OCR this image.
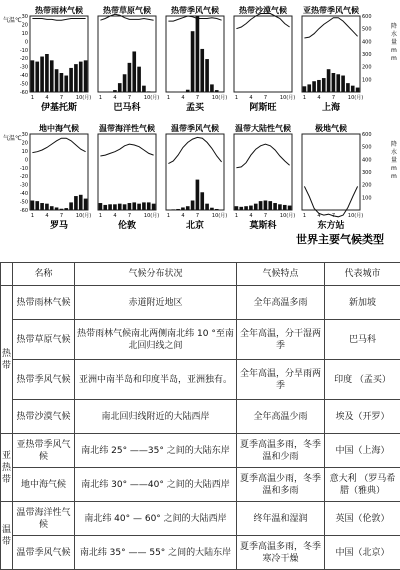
热带雨林气候
1 4 7	10(月)
伊基托斯
热带草原气候
1 4 7	10(月)
巴马科
热带季风气候
1 4 7	10(月)
孟买
热带沙漠气候
1 4 7	10(月)
阿斯旺
亚热带季风气候
1 4 7	10(月)
上海
地中海气候
1 4 7	10(月)
罗马
温带海洋性气候
1 4 7	10(月)
伦敦
温带季风气候
1 4 7	10(月)
北京
温带大陆性气候
1 4 7	10(月)
莫斯科
极地气候
1 4 7	10(月)
东方站
气温℃ 30
20
10
0
-10
-20
-30
-40
-50
-60
气温℃ 30
20
10
0
-10
-20
-30
-40
-50
-60
600
500
400
300
200
100
降水量 m m
600
500
400
300
200
100
降水量 m m
世界主要气候类型
	名称	气候分布状况	气候特点	代表城市

热带	热带雨林气候	赤道附近地区	全年高温多雨	新加坡
	热带草原气候	热带雨林气候南北两侧南北纬 10 °至南北回归线之间	全年高温，分干湿两季	巴马科
	热带季风气候	亚洲中南半岛和印度半岛，亚洲独有。	全年高温，分旱雨两季	印度 （孟买）
	热带沙漠气候	南北回归线附近的大陆西岸	全年高温少雨	埃及（开罗）

亚热带	亚热带季风气候	南北纬 25° ——35° 之间的大陆东岸	夏季高温多雨，冬季温和少雨	中国（上海）
	地中海气候	南北纬 30° ——40° 之间的大陆西岸	夏季高温少雨，冬季温和多雨	意大利 （罗马希腊（雅典）

温带	温带海洋性气候	南北纬 40° — 60° 之间的大陆西岸	终年温和湿润	英国（伦敦）
	温带季风气候	南北纬 35° —— 55° 之间的大陆东岸	夏季高温多雨，冬季寒冷干燥	中国（北京）
